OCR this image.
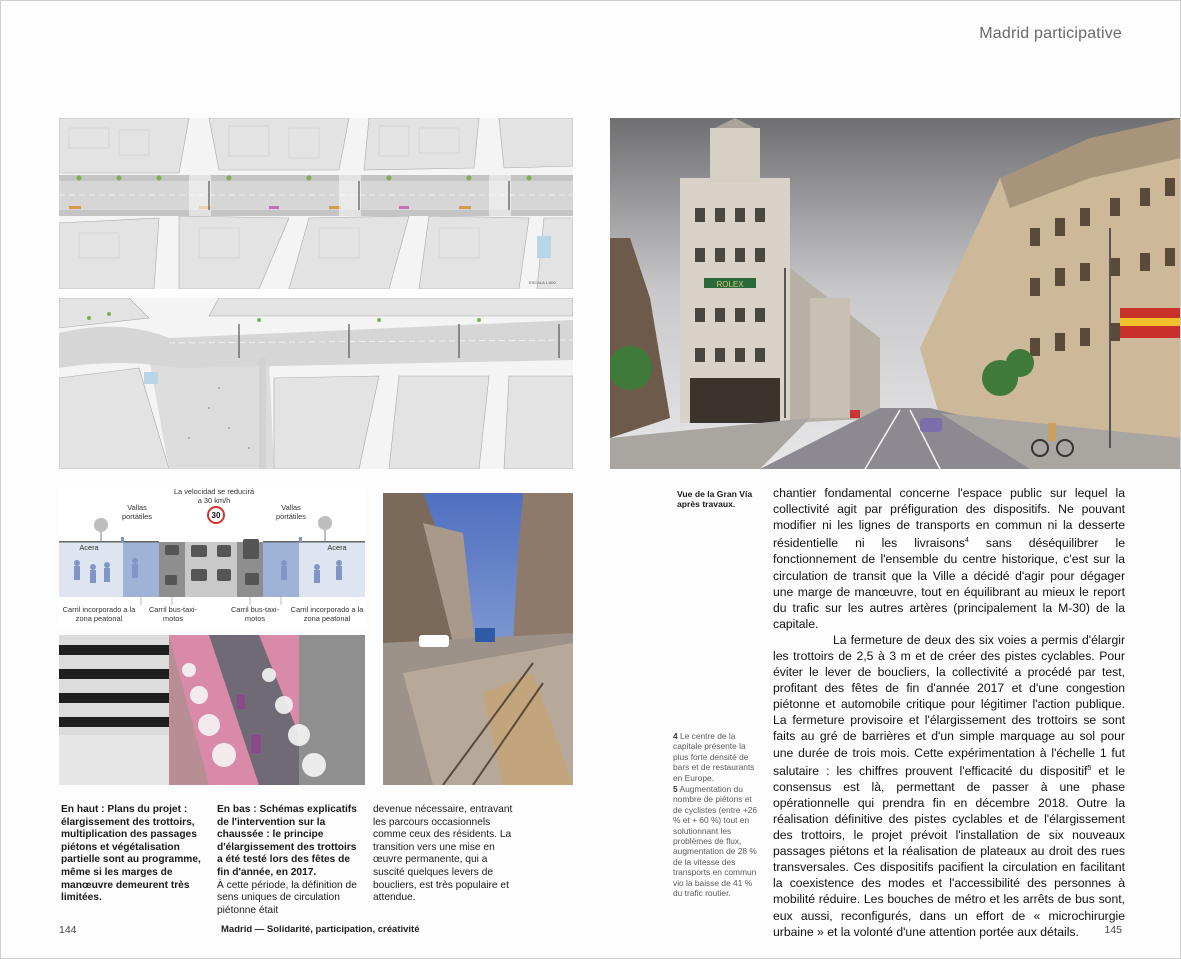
Madrid participative
ESCALA 1:600
30
La velocidad se reducirá
a 30 km/h
Vallas portátiles
Vallas portátiles
Acera	Acera
Carril incorporado a la zona peatonal
Carril bus-taxi-motos
Carril bus-taxi-motos
Carril incorporado a la zona peatonal
ROLEX
Vue de la Gran Vía
après travaux.
En haut : Plans du projet : élargissement des trottoirs, multiplication des passages piétons et végétalisation partielle sont au programme, même si les marges de manœuvre demeurent très limitées.
En bas : Schémas explicatifs de l'intervention sur la chaussée : le principe d'élargissement des trottoirs a été testé lors des fêtes de fin d'année, en 2017.
À cette période, la définition de sens uniques de circulation piétonne était
devenue nécessaire, entravant les parcours occasionnels comme ceux des résidents. La transition vers une mise en œuvre permanente, qui a suscité quelques levers de boucliers, est très populaire et attendue.

4 Le centre de la capitale présente la plus forte densité de bars et de restaurants en Europe.

5 Augmentation du nombre de piétons et de cyclistes (entre +26 % et + 60 %) tout en solutionnant les problèmes de flux, augmentation de 28 % de la vitesse des transports en commun vio la baisse de 41 % du trafic routier.

chantier fondamental concerne l'espace public sur lequel la collectivité agit par préfiguration des dispositifs. Ne pouvant modifier ni les lignes de transports en commun ni la desserte résidentielle ni les livraisons$^4$ sans déséquilibrer le fonctionnement de l'ensemble du centre historique, c'est sur la circulation de transit que la Ville a décidé d'agir pour dégager une marge de manœuvre, tout en équilibrant au mieux le report du trafic sur les autres artères (principalement la M-30) de la capitale.

La fermeture de deux des six voies a permis d'élargir les trottoirs de 2,5 à 3 m et de créer des pistes cyclables. Pour éviter le lever de boucliers, la collectivité a procédé par test, profitant des fêtes de fin d'année 2017 et d'une congestion piétonne et automobile critique pour légitimer l'action publique. La fermeture provisoire et l'élargissement des trottoirs se sont faits au gré de barrières et d'un simple marquage au sol pour une durée de trois mois. Cette expérimentation à l'échelle 1 fut salutaire : les chiffres prouvent l'efficacité du dispositif$^5$ et le consensus est là, permettant de passer à une phase opérationnelle qui prendra fin en décembre 2018. Outre la réalisation définitive des pistes cyclables et de l'élargissement des trottoirs, le projet prévoit l'installation de six nouveaux passages piétons et la réalisation de plateaux au droit des rues transversales. Ces dispositifs pacifient la circulation en facilitant la coexistence des modes et l'accessibilité des personnes à mobilité réduire. Les bouches de métro et les arrêts de bus sont, eux aussi, reconfigurés, dans un effort de « microchirurgie urbaine » et la volonté d'une attention portée aux détails.

144	Madrid — Solidarité, participation, créativité	145
